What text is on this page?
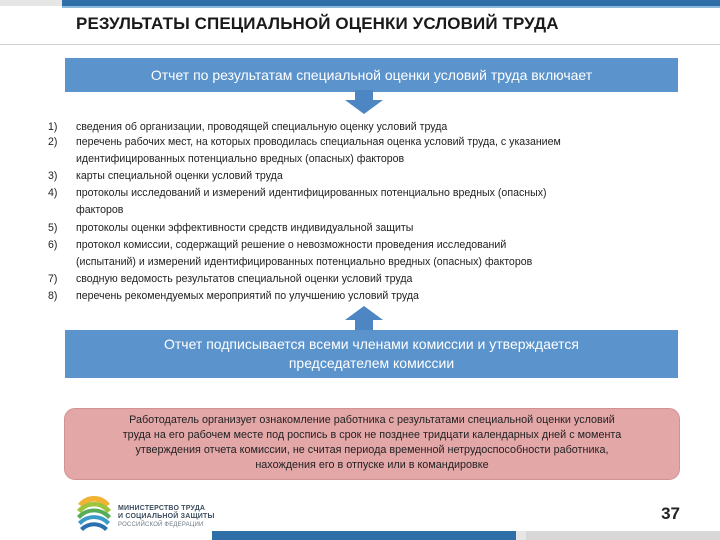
РЕЗУЛЬТАТЫ СПЕЦИАЛЬНОЙ ОЦЕНКИ УСЛОВИЙ ТРУДА
Отчет по результатам специальной оценки условий труда включает
1)	сведения об организации, проводящей специальную оценку условий труда
2)	перечень рабочих мест, на которых проводилась специальная оценка условий труда, с указанием
идентифицированных потенциально вредных (опасных) факторов
3)	карты специальной оценки условий труда
4)	протоколы исследований и измерений идентифицированных потенциально вредных (опасных)
факторов
5)	протоколы оценки эффективности средств индивидуальной защиты
6)	протокол комиссии, содержащий решение о невозможности проведения исследований
(испытаний) и измерений идентифицированных потенциально вредных (опасных) факторов
7)	сводную ведомость результатов специальной оценки условий труда
8)	перечень рекомендуемых мероприятий по улучшению условий труда
Отчет подписывается всеми членами комиссии и утверждается
председателем комиссии
Работодатель организует ознакомление работника с результатами специальной оценки условий
труда на его рабочем месте под роспись в срок не позднее тридцати календарных дней с момента
утверждения отчета комиссии, не считая периода временной нетрудоспособности работника,
нахождения его в отпуске или в командировке
МИНИСТЕРСТВО ТРУДА
И СОЦИАЛЬНОЙ ЗАЩИТЫ
РОССИЙСКОЙ ФЕДЕРАЦИИ
37
